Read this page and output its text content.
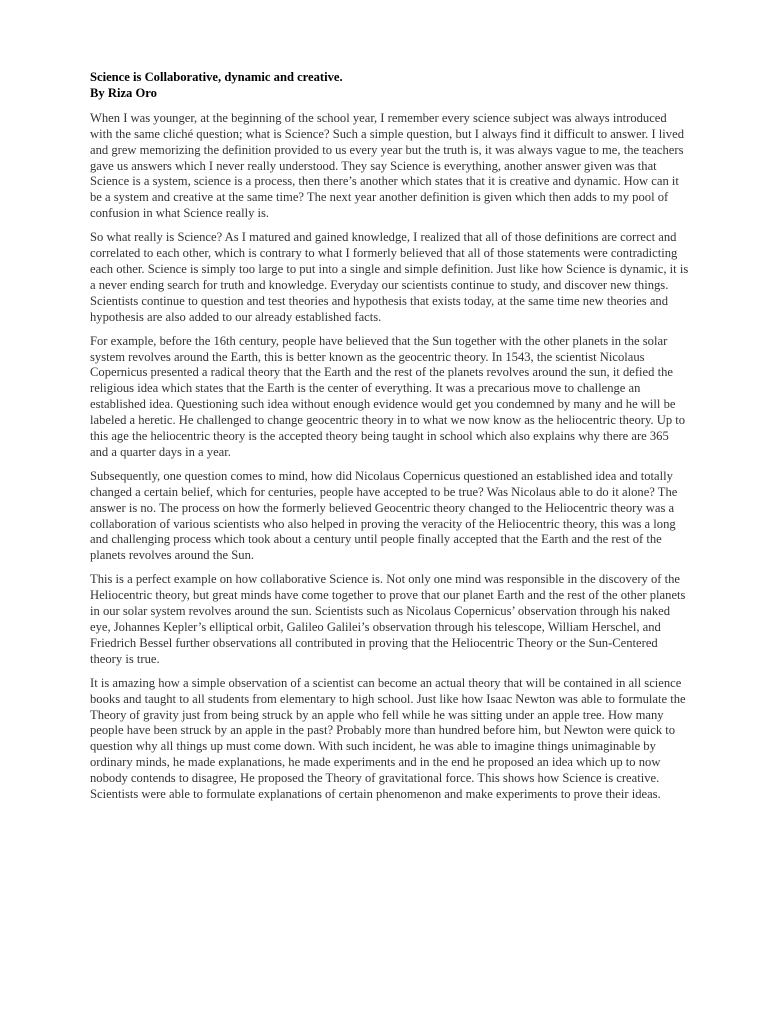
Science is Collaborative, dynamic and creative.
By Riza Oro

When I was younger, at the beginning of the school year, I remember every science subject was always introduced with the same cliché question; what is Science? Such a simple question, but I always find it difficult to answer. I lived and grew memorizing the definition provided to us every year but the truth is, it was always vague to me, the teachers gave us answers which I never really understood. They say Science is everything, another answer given was that Science is a system, science is a process, then there’s another which states that it is creative and dynamic. How can it be a system and creative at the same time? The next year another definition is given which then adds to my pool of confusion in what Science really is.

So what really is Science? As I matured and gained knowledge, I realized that all of those definitions are correct and correlated to each other, which is contrary to what I formerly believed that all of those statements were contradicting each other. Science is simply too large to put into a single and simple definition. Just like how Science is dynamic, it is a never ending search for truth and knowledge. Everyday our scientists continue to study, and discover new things. Scientists continue to question and test theories and hypothesis that exists today, at the same time new theories and hypothesis are also added to our already established facts.

For example, before the 16th century, people have believed that the Sun together with the other planets in the solar system revolves around the Earth, this is better known as the geocentric theory. In 1543, the scientist Nicolaus Copernicus presented a radical theory that the Earth and the rest of the planets revolves around the sun, it defied the religious idea which states that the Earth is the center of everything. It was a precarious move to challenge an established idea. Questioning such idea without enough evidence would get you condemned by many and he will be labeled a heretic. He challenged to change geocentric theory in to what we now know as the heliocentric theory. Up to this age the heliocentric theory is the accepted theory being taught in school which also explains why there are 365 and a quarter days in a year.

Subsequently, one question comes to mind, how did Nicolaus Copernicus questioned an established idea and totally changed a certain belief, which for centuries, people have accepted to be true? Was Nicolaus able to do it alone? The answer is no. The process on how the formerly believed Geocentric theory changed to the Heliocentric theory was a collaboration of various scientists who also helped in proving the veracity of the Heliocentric theory, this was a long and challenging process which took about a century until people finally accepted that the Earth and the rest of the planets revolves around the Sun.

This is a perfect example on how collaborative Science is. Not only one mind was responsible in the discovery of the Heliocentric theory, but great minds have come together to prove that our planet Earth and the rest of the other planets in our solar system revolves around the sun. Scientists such as Nicolaus Copernicus’ observation through his naked eye, Johannes Kepler’s elliptical orbit, Galileo Galilei’s observation through his telescope, William Herschel, and Friedrich Bessel further observations all contributed in proving that the Heliocentric Theory or the Sun-Centered theory is true.

It is amazing how a simple observation of a scientist can become an actual theory that will be contained in all science books and taught to all students from elementary to high school. Just like how Isaac Newton was able to formulate the Theory of gravity just from being struck by an apple who fell while he was sitting under an apple tree. How many people have been struck by an apple in the past? Probably more than hundred before him, but Newton were quick to question why all things up must come down. With such incident, he was able to imagine things unimaginable by ordinary minds, he made explanations, he made experiments and in the end he proposed an idea which up to now nobody contends to disagree, He proposed the Theory of gravitational force. This shows how Science is creative. Scientists were able to formulate explanations of certain phenomenon and make experiments to prove their ideas.
